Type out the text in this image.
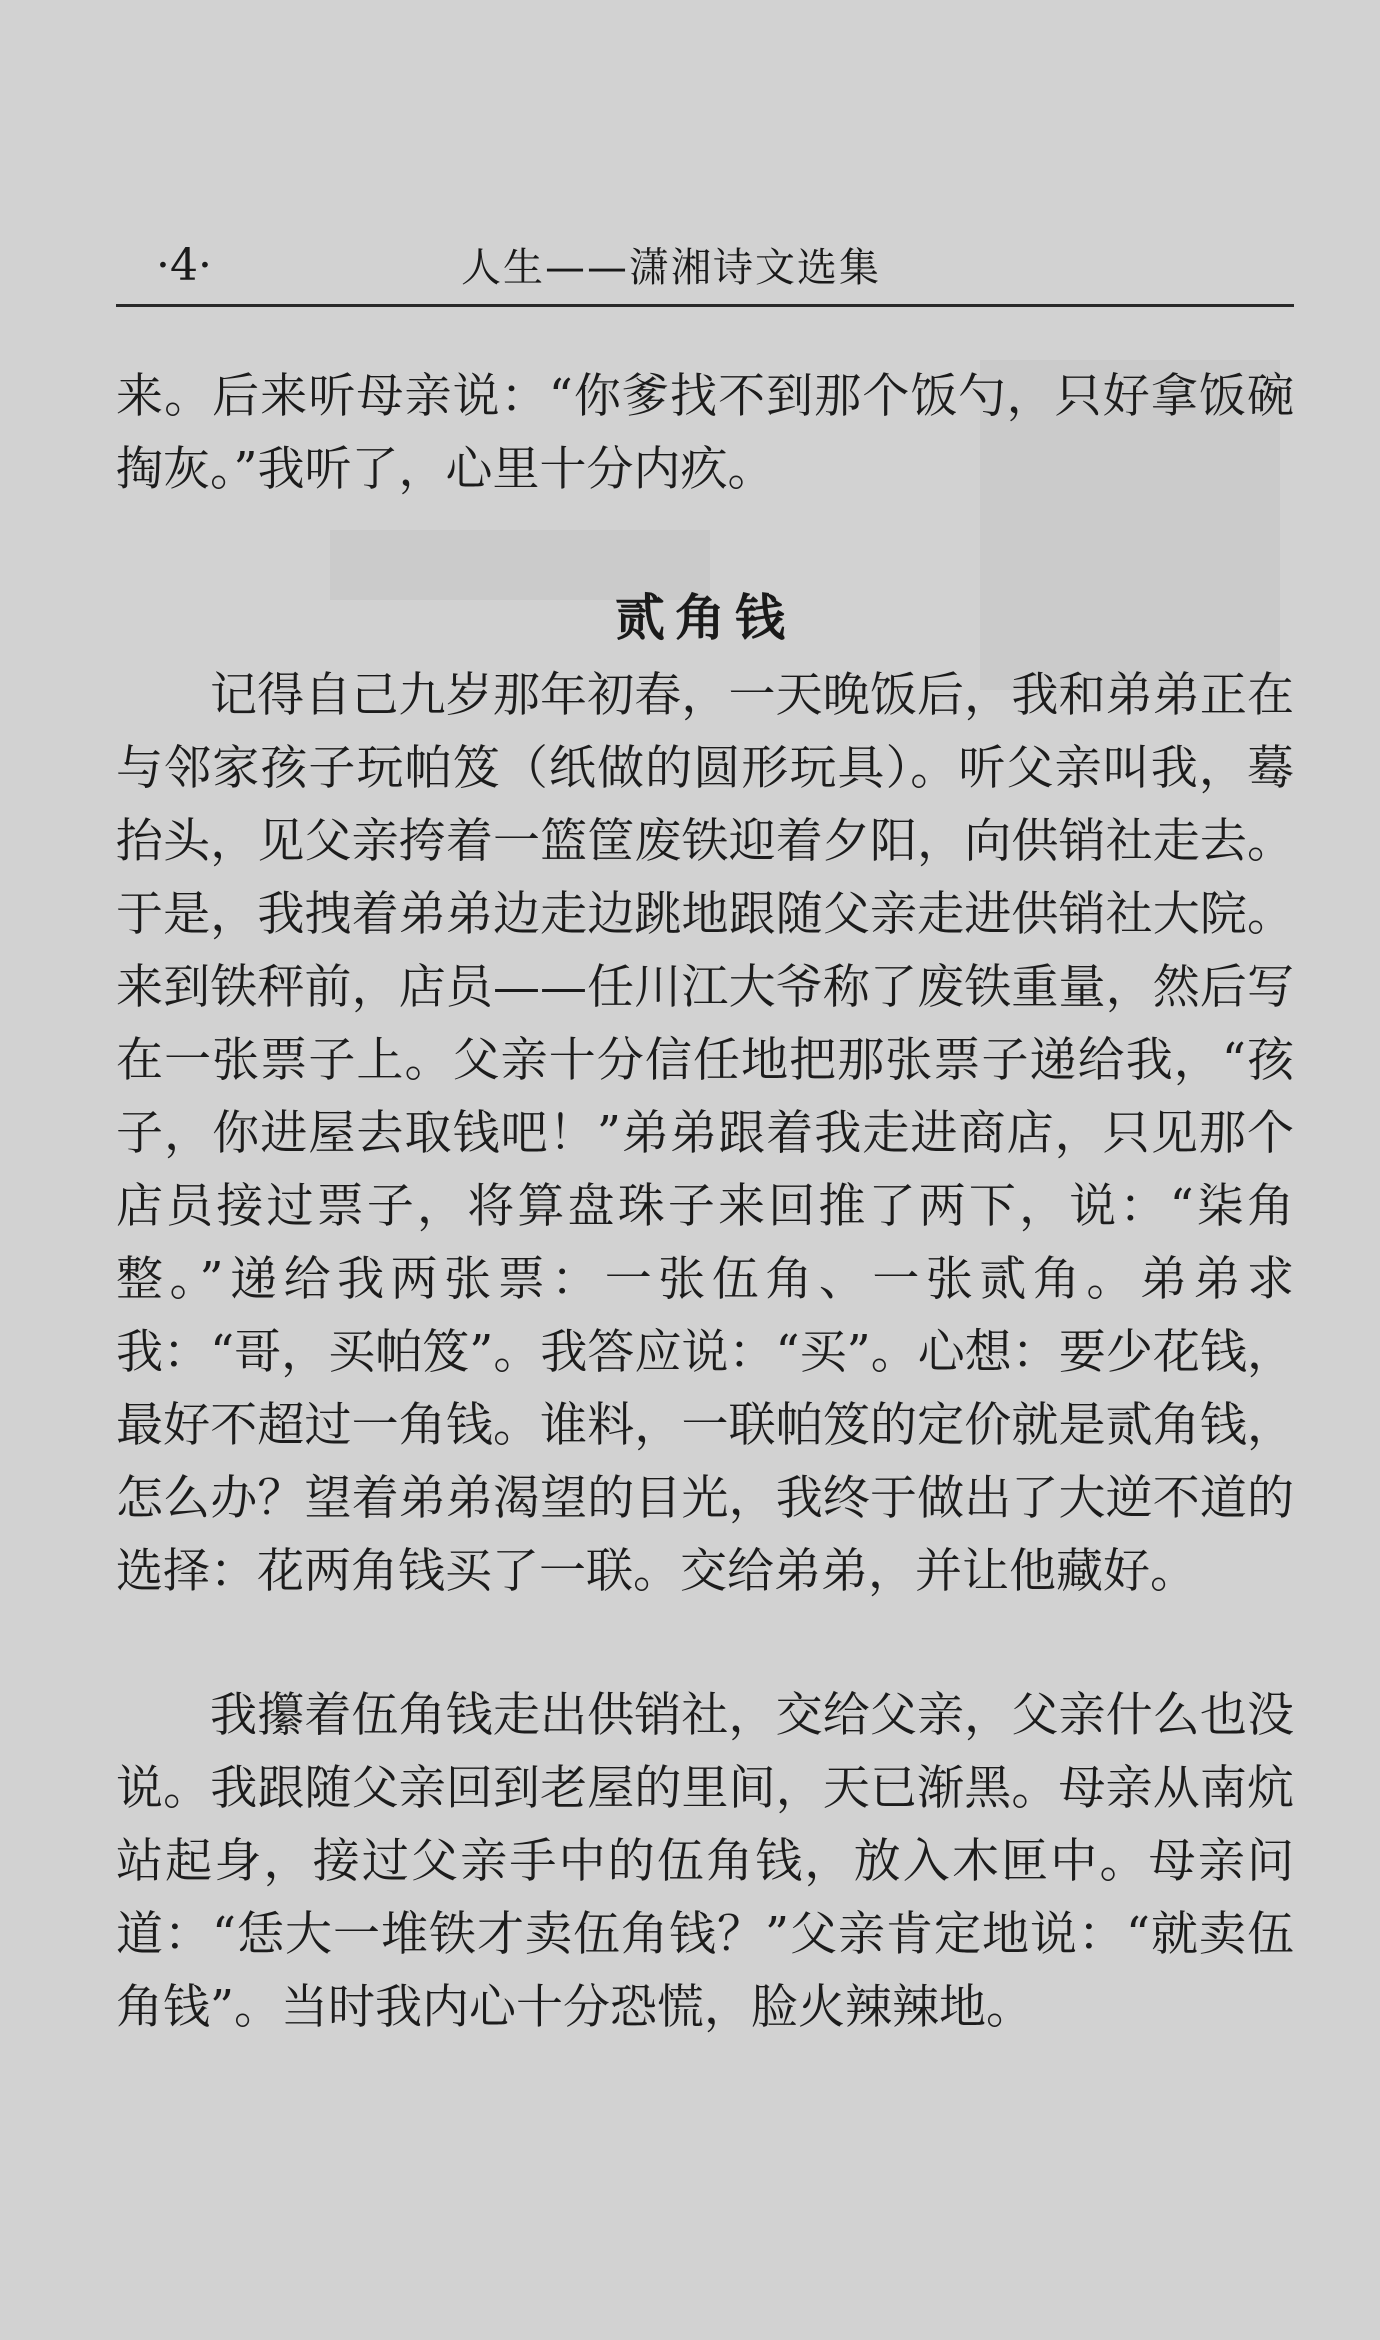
·4·	人生——潇湘诗文选集

来。后来听母亲说：“你爹找不到那个饭勺，只好拿饭碗掏灰。”我听了，心里十分内疚。

贰角钱

记得自己九岁那年初春，一天晚饭后，我和弟弟正在与邻家孩子玩帕笈（纸做的圆形玩具）。听父亲叫我，蓦抬头，见父亲挎着一篮筐废铁迎着夕阳，向供销社走去。于是，我拽着弟弟边走边跳地跟随父亲走进供销社大院。来到铁秤前，店员——任川江大爷称了废铁重量，然后写在一张票子上。父亲十分信任地把那张票子递给我，“孩子，你进屋去取钱吧！”弟弟跟着我走进商店，只见那个店员接过票子，将算盘珠子来回推了两下，说：“柒角整。”递给我两张票：一张伍角、一张贰角。弟弟求我：“哥，买帕笈”。我答应说：“买”。心想：要少花钱，最好不超过一角钱。谁料，一联帕笈的定价就是贰角钱，怎么办？望着弟弟渴望的目光，我终于做出了大逆不道的选择：花两角钱买了一联。交给弟弟，并让他藏好。

我攥着伍角钱走出供销社，交给父亲，父亲什么也没说。我跟随父亲回到老屋的里间，天已渐黑。母亲从南炕站起身，接过父亲手中的伍角钱，放入木匣中。母亲问道：“恁大一堆铁才卖伍角钱？”父亲肯定地说：“就卖伍角钱”。当时我内心十分恐慌，脸火辣辣地。
